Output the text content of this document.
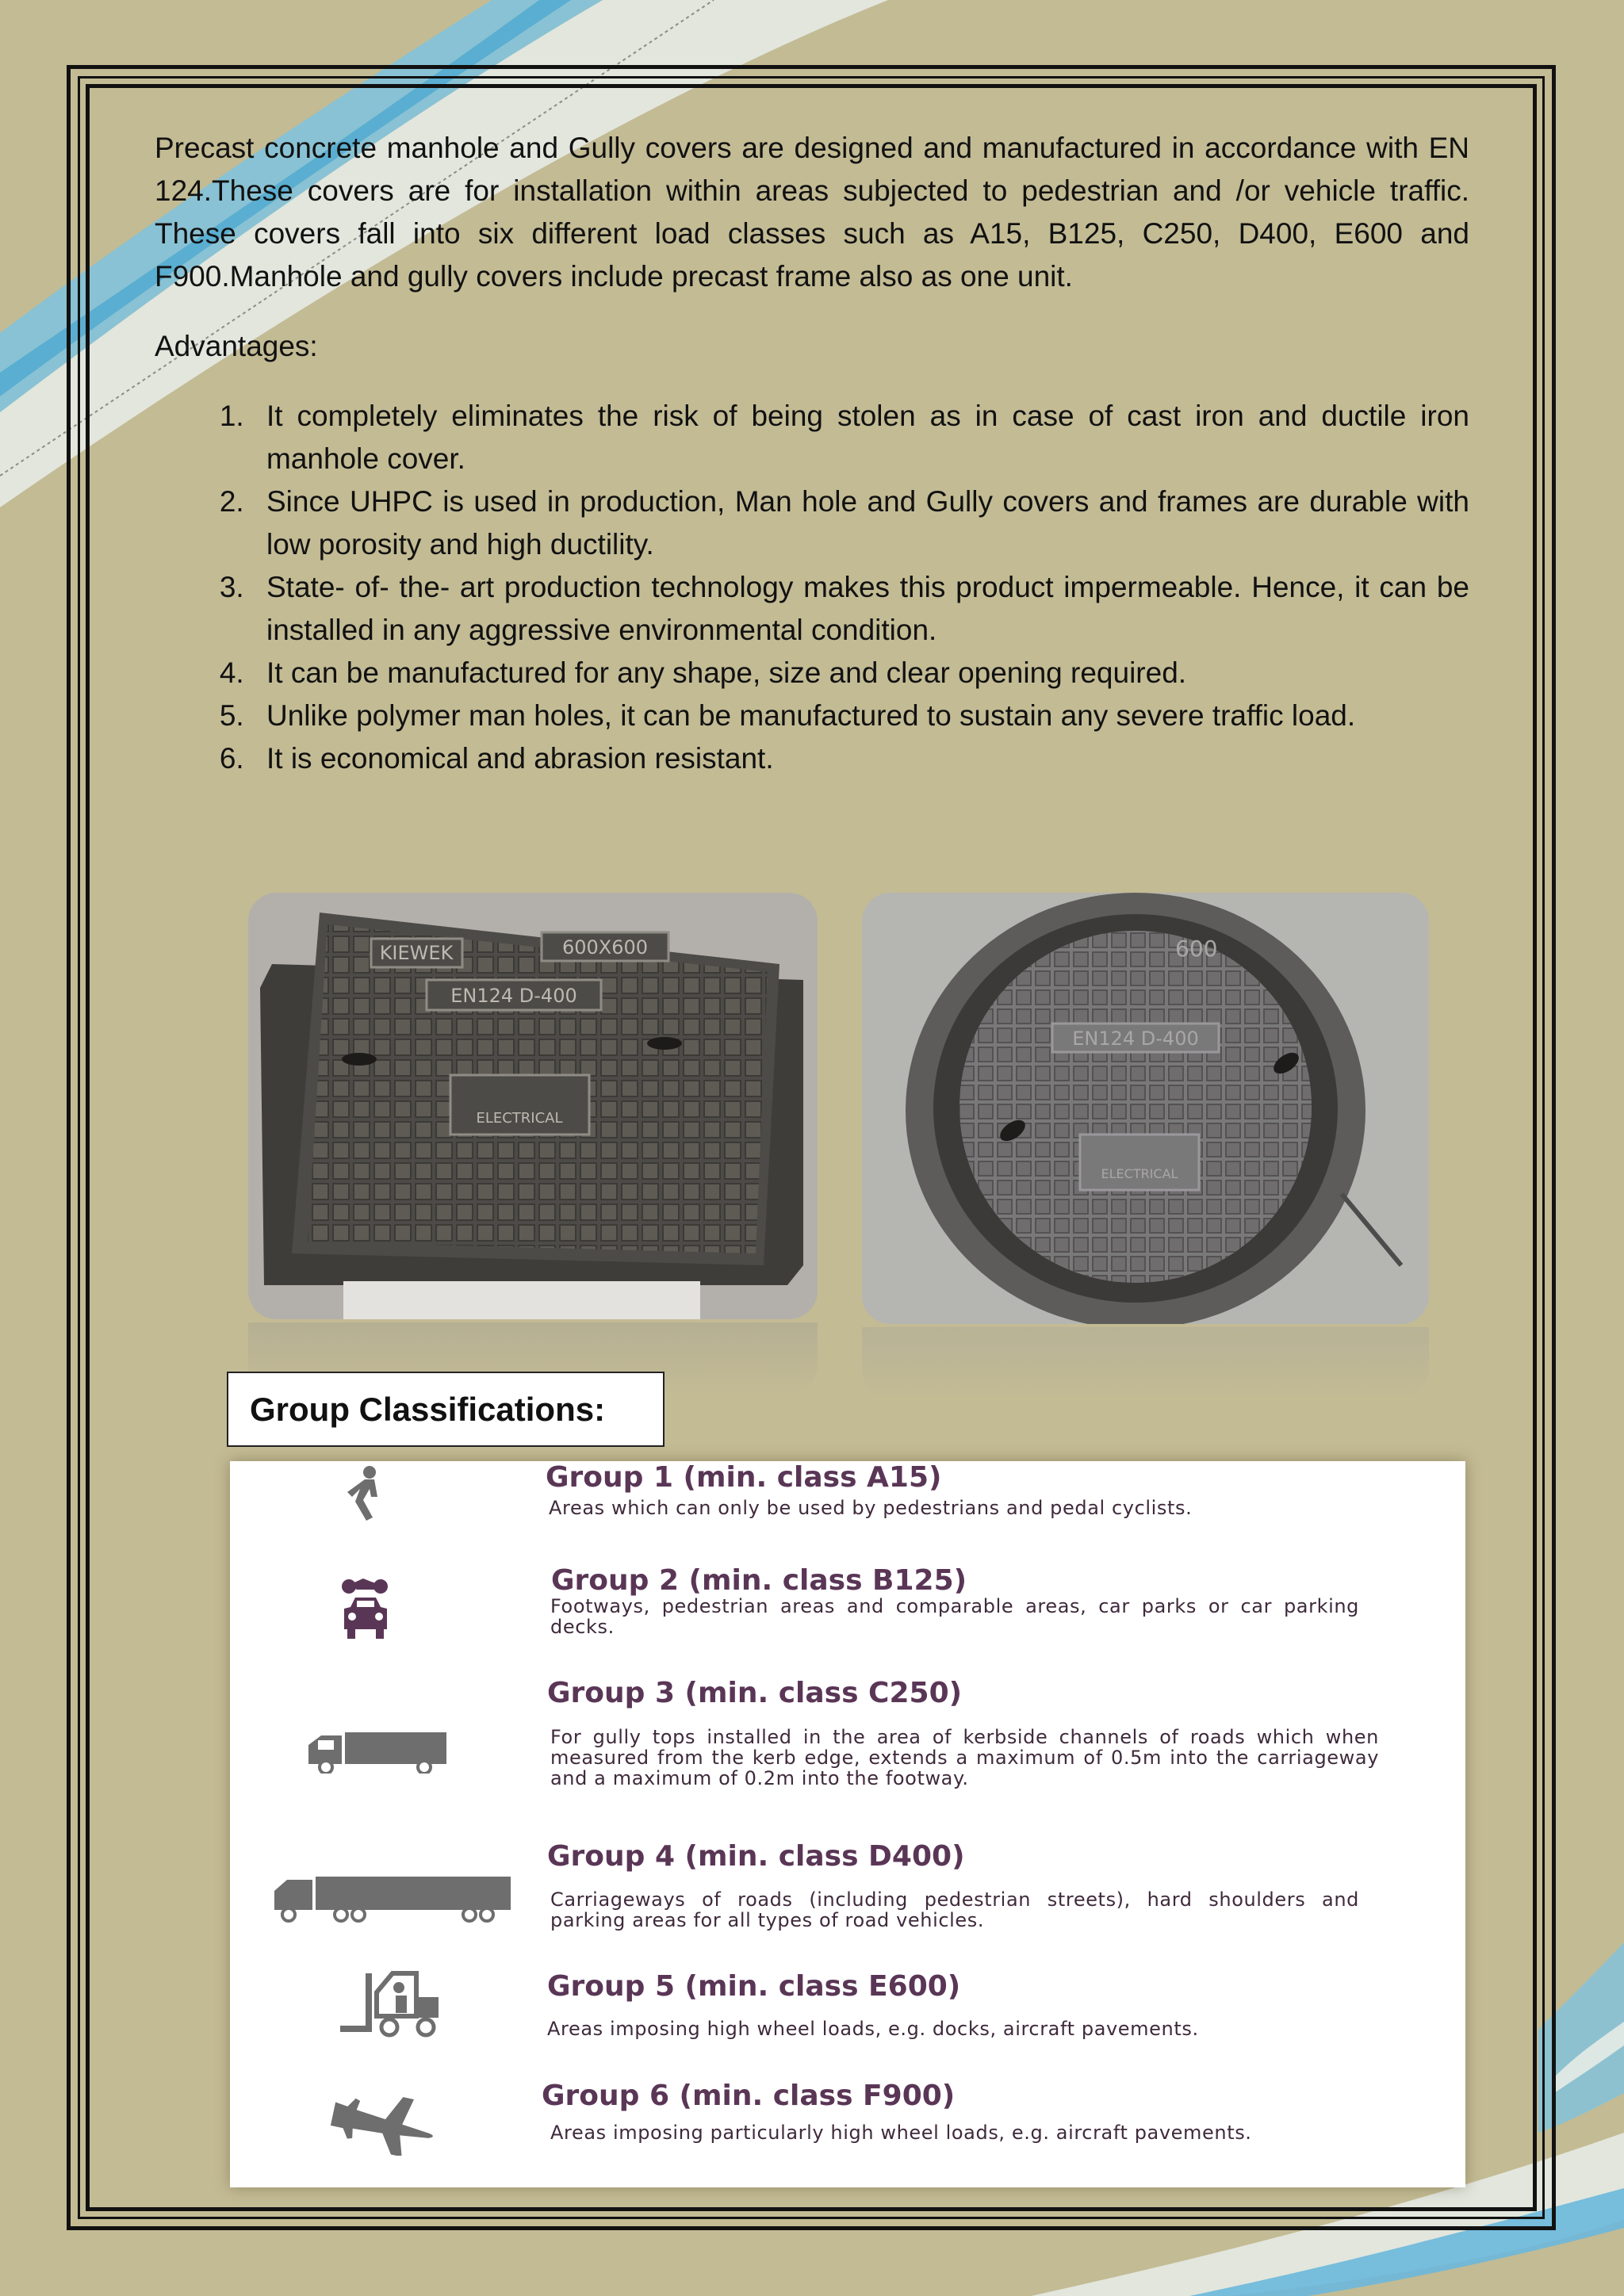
Precast concrete manhole and Gully covers are designed and manufactured in accordance with EN 124.These covers are for installation within areas subjected to pedestrian and /or vehicle traffic. These covers fall into six different load classes such as A15, B125, C250, D400, E600 and F900.Manhole and gully covers include precast frame also as one unit.

Advantages:
1. It completely eliminates the risk of being stolen as in case of cast iron and ductile iron manhole cover.
2. Since UHPC is used in production, Man hole and Gully covers and frames are durable with low porosity and high ductility.
3. State- of- the- art production technology makes this product impermeable. Hence, it can be installed in any aggressive environmental condition.
4. It can be manufactured for any shape, size and clear opening required.
5. Unlike polymer man holes, it can be manufactured to sustain any severe traffic load.
6. It is economical and abrasion resistant.
KIEWEK	600X600
EN124 D-400
ELECTRICAL
600
EN124 D-400
ELECTRICAL
Group Classifications:
Group 1 (min. class A15)
Areas which can only be used by pedestrians and pedal cyclists.
Group 2 (min. class B125)
Footways, pedestrian areas and comparable areas, car parks or car parking decks.
Group 3 (min. class C250)
For gully tops installed in the area of kerbside channels of roads which when measured from the kerb edge, extends a maximum of 0.5m into the carriageway and a maximum of 0.2m into the footway.
Group 4 (min. class D400)
Carriageways of roads (including pedestrian streets), hard shoulders and parking areas for all types of road vehicles.
Group 5 (min. class E600)
Areas imposing high wheel loads, e.g. docks, aircraft pavements.
Group 6 (min. class F900)
Areas imposing particularly high wheel loads, e.g. aircraft pavements.
